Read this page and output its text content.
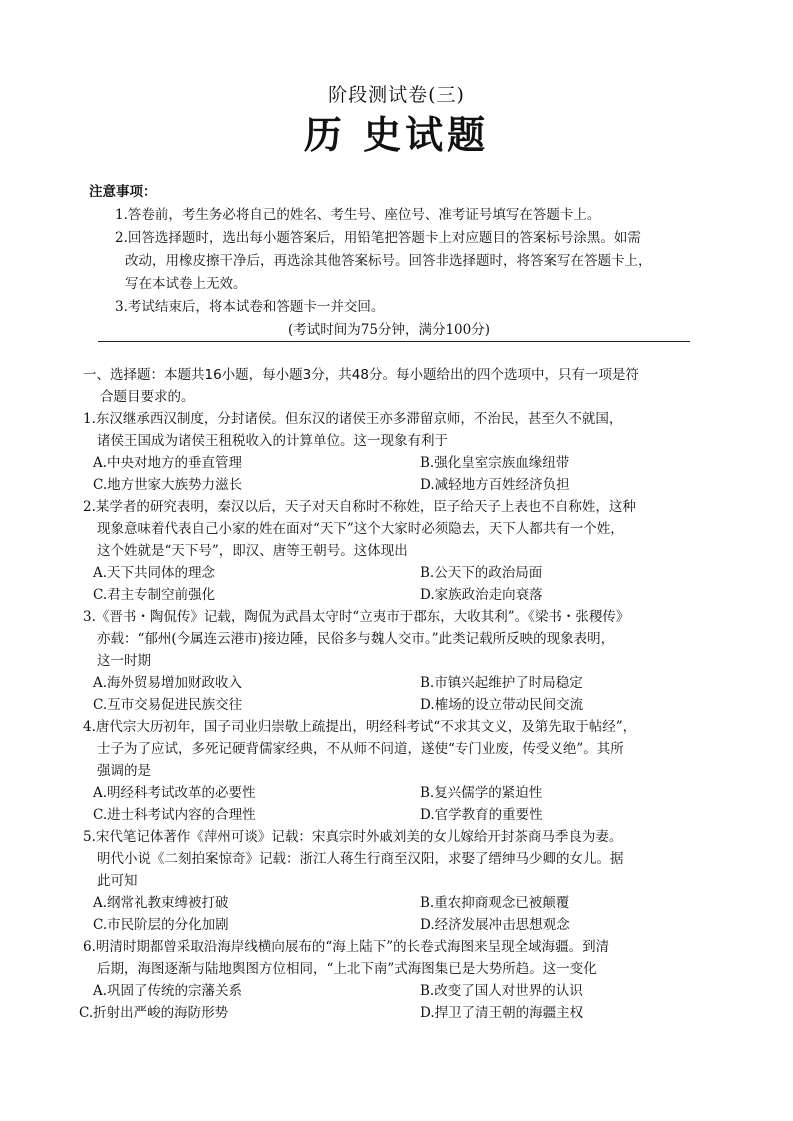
阶段测试卷(三)
历 史试题
注意事项：
1.答卷前，考生务必将自己的姓名、考生号、座位号、准考证号填写在答题卡上。
2.回答选择题时，选出每小题答案后，用铅笔把答题卡上对应题目的答案标号涂黑。如需
改动，用橡皮擦干净后，再选涂其他答案标号。回答非选择题时，将答案写在答题卡上，
写在本试卷上无效。
3.考试结束后，将本试卷和答题卡一并交回。
(考试时间为75分钟，满分100分)
一、选择题：本题共16小题，每小题3分，共48分。每小题给出的四个选项中，只有一项是符
合题目要求的。
1.东汉继承西汉制度，分封诸侯。但东汉的诸侯王亦多滞留京师，不治民，甚至久不就国，
诸侯王国成为诸侯王租税收入的计算单位。这一现象有利于
A.中央对地方的垂直管理	B.强化皇室宗族血缘纽带
C.地方世家大族势力滋长	D.减轻地方百姓经济负担
2.某学者的研究表明，秦汉以后，天子对天自称时不称姓，臣子给天子上表也不自称姓，这种
现象意味着代表自己小家的姓在面对“天下”这个大家时必须隐去，天下人都共有一个姓，
这个姓就是“天下号”，即汉、唐等王朝号。这体现出
A.天下共同体的理念	B.公天下的政治局面
C.君主专制空前强化	D.家族政治走向衰落
3.《晋书・陶侃传》记载，陶侃为武昌太守时“立夷市于郡东，大收其利”。《梁书・张稷传》
亦载：“郁州(今属连云港市)接边陲，民俗多与魏人交市。”此类记载所反映的现象表明，
这一时期
A.海外贸易增加财政收入	B.市镇兴起维护了时局稳定
C.互市交易促进民族交往	D.榷场的设立带动民间交流
4.唐代宗大历初年，国子司业归崇敬上疏提出，明经科考试“不求其文义，及第先取于帖经”，
士子为了应试，多死记硬背儒家经典，不从师不问道，遂使“专门业废，传受义绝”。其所
强调的是
A.明经科考试改革的必要性	B.复兴儒学的紧迫性
C.进士科考试内容的合理性	D.官学教育的重要性
5.宋代笔记体著作《萍州可谈》记载：宋真宗时外戚刘美的女儿嫁给开封茶商马季良为妻。
明代小说《二刻拍案惊奇》记载：浙江人蒋生行商至汉阳，求娶了缙绅马少卿的女儿。据
此可知
A.纲常礼教束缚被打破	B.重农抑商观念已被颠覆
C.市民阶层的分化加剧	D.经济发展冲击思想观念
6.明清时期都曾采取沿海岸线横向展布的“海上陆下”的长卷式海图来呈现全域海疆。到清
后期，海图逐渐与陆地舆图方位相同，“上北下南”式海图集已是大势所趋。这一变化
A.巩固了传统的宗藩关系	B.改变了国人对世界的认识
C.折射出严峻的海防形势	D.捍卫了清王朝的海疆主权
